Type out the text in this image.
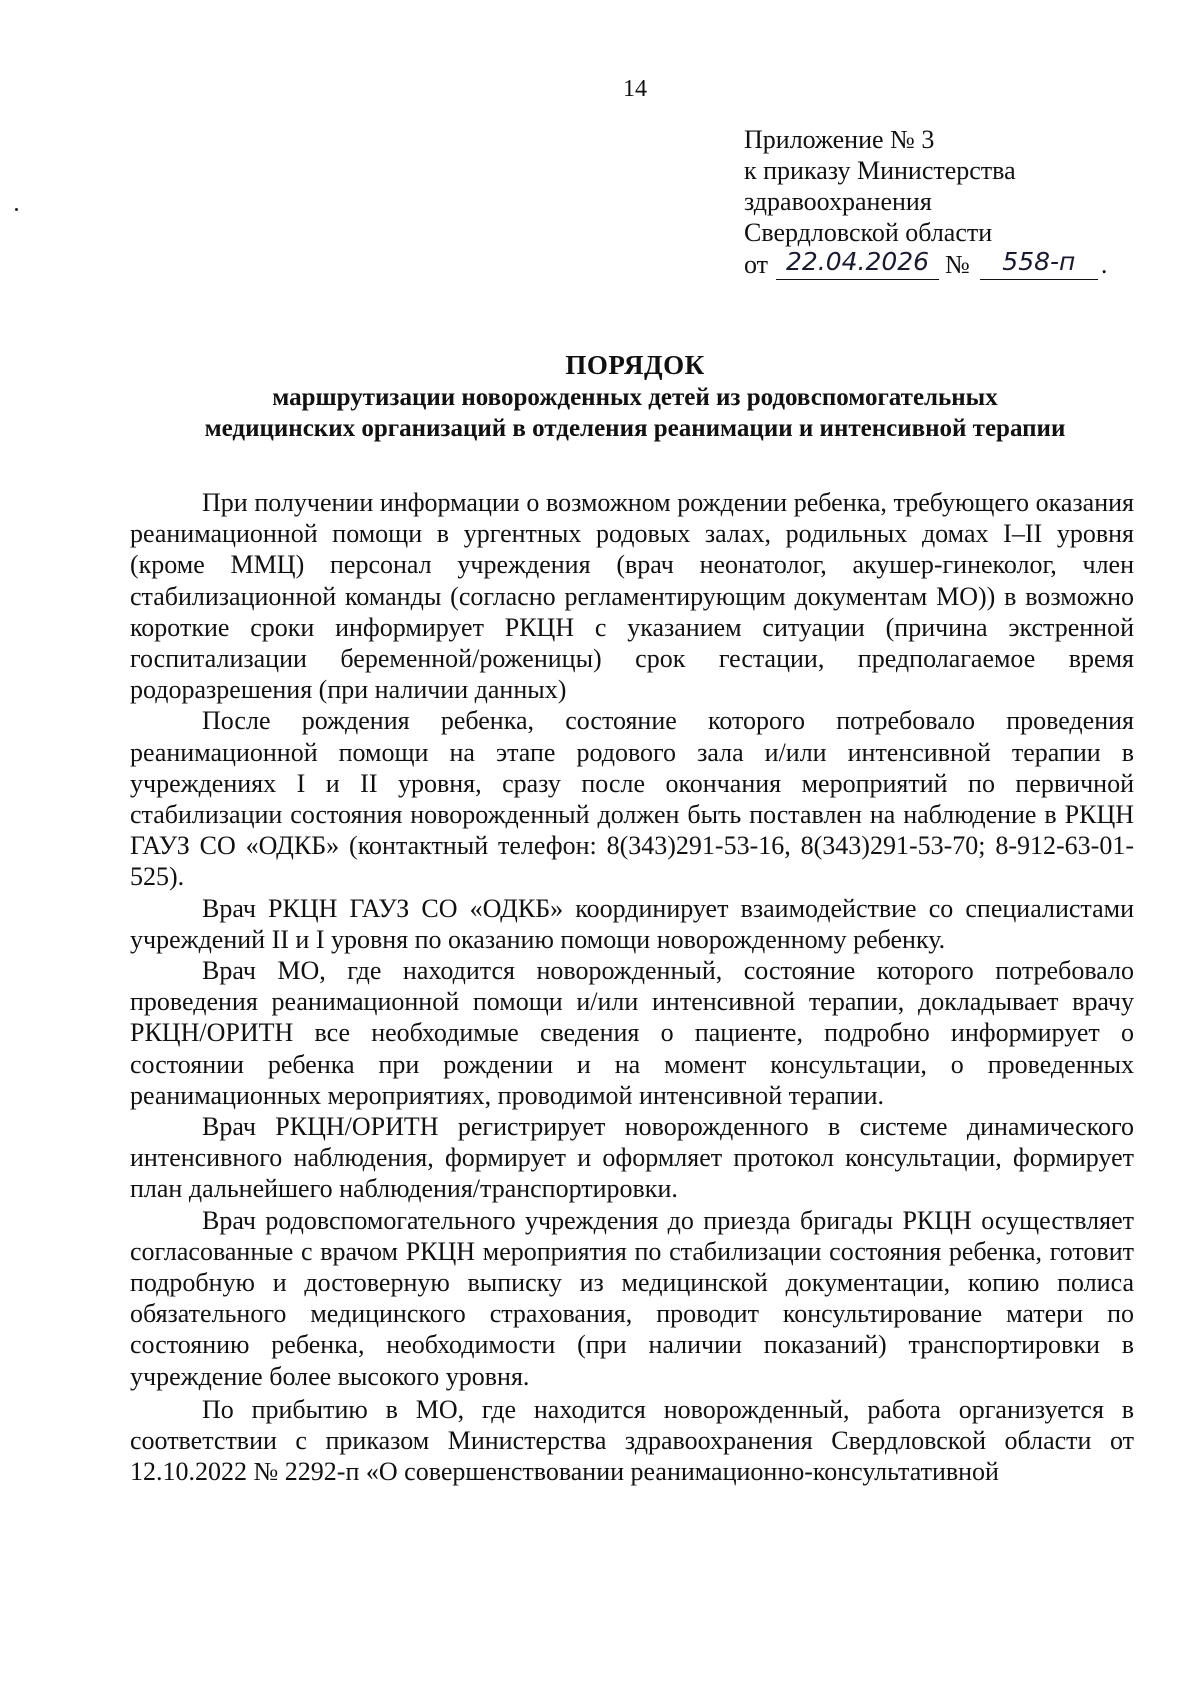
14
Приложение № 3
к приказу Министерства
здравоохранения
Свердловской области
от 22.04.2026 №	558-п .
ПОРЯДОК
маршрутизации новорожденных детей из родовспомогательных
медицинских организаций в отделения реанимации и интенсивной терапии

При получении информации о возможном рождении ребенка, требующего оказания реанимационной помощи в ургентных родовых залах, родильных домах I–II уровня (кроме ММЦ) персонал учреждения (врач неонатолог, акушер-гинеколог, член стабилизационной команды (согласно регламентирующим документам МО)) в возможно короткие сроки информирует РКЦН с указанием ситуации (причина экстренной госпитализации беременной/роженицы) срок гестации, предполагаемое время родоразрешения (при наличии данных)

После рождения ребенка, состояние которого потребовало проведения реанимационной помощи на этапе родового зала и/или интенсивной терапии в учреждениях I и II уровня, сразу после окончания мероприятий по первичной стабилизации состояния новорожденный должен быть поставлен на наблюдение в РКЦН ГАУЗ СО «ОДКБ» (контактный телефон: 8(343)291-53-16, 8(343)291-53-70; 8-912-63-01-525).

Врач РКЦН ГАУЗ СО «ОДКБ» координирует взаимодействие со специалистами учреждений II и I уровня по оказанию помощи новорожденному ребенку.

Врач МО, где находится новорожденный, состояние которого потребовало проведения реанимационной помощи и/или интенсивной терапии, докладывает врачу РКЦН/ОРИТН все необходимые сведения о пациенте, подробно информирует о состоянии ребенка при рождении и на момент консультации, о проведенных реанимационных мероприятиях, проводимой интенсивной терапии.

Врач РКЦН/ОРИТН регистрирует новорожденного в системе динамического интенсивного наблюдения, формирует и оформляет протокол консультации, формирует план дальнейшего наблюдения/транспортировки.

Врач родовспомогательного учреждения до приезда бригады РКЦН осуществляет согласованные с врачом РКЦН мероприятия по стабилизации состояния ребенка, готовит подробную и достоверную выписку из медицинской документации, копию полиса обязательного медицинского страхования, проводит консультирование матери по состоянию ребенка, необходимости (при наличии показаний) транспортировки в учреждение более высокого уровня.

По прибытию в МО, где находится новорожденный, работа организуется в соответствии с приказом Министерства здравоохранения Свердловской области от 12.10.2022 № 2292-п «О совершенствовании реанимационно-консультативной
